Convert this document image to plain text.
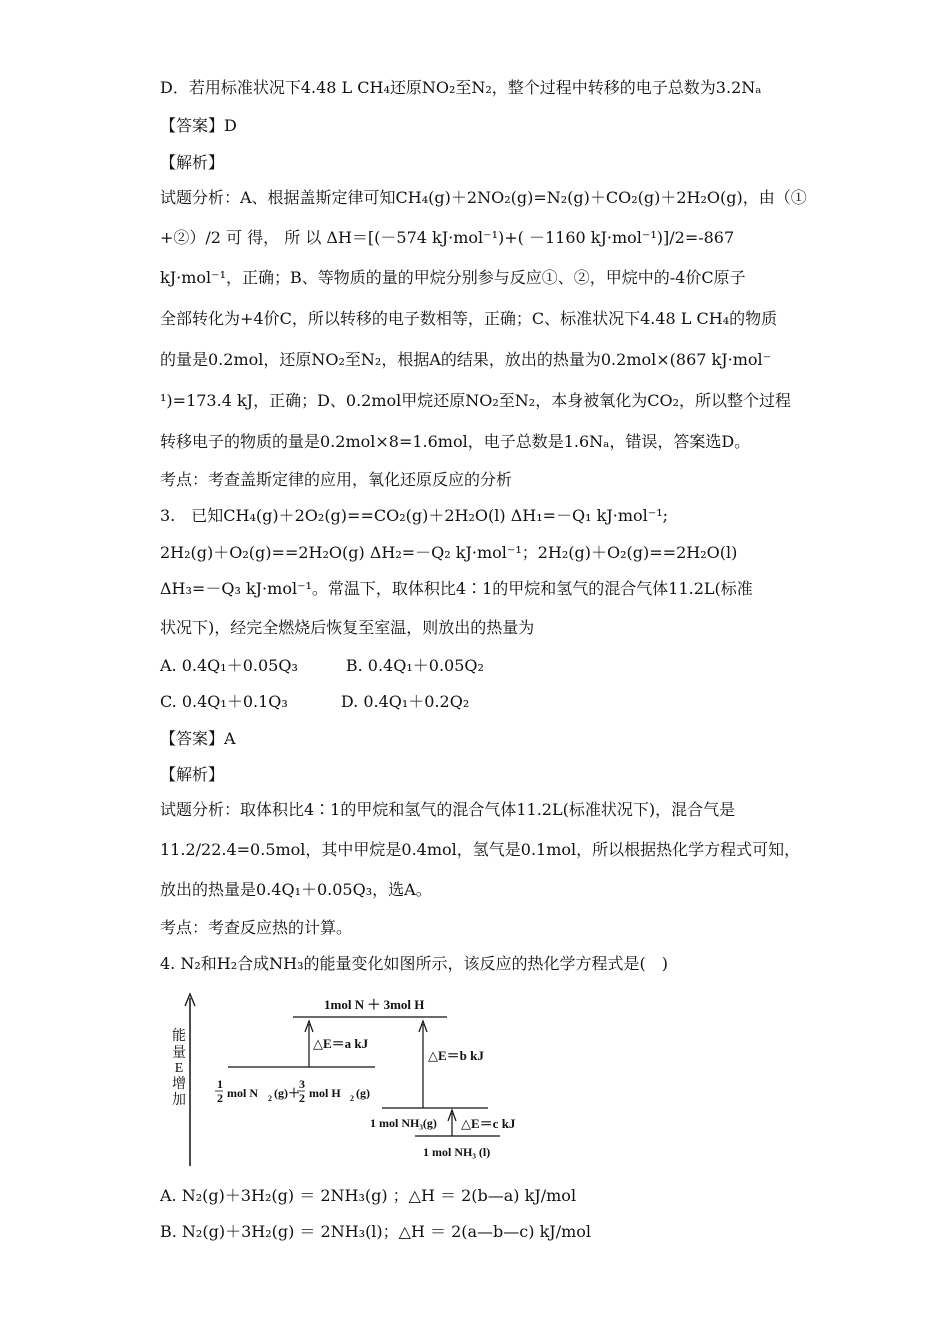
D．若用标准状况下4.48 L CH₄还原NO₂至N₂，整个过程中转移的电子总数为3.2Nₐ
【答案】D
【解析】
试题分析：A、根据盖斯定律可知CH₄(g)＋2NO₂(g)=N₂(g)＋CO₂(g)＋2H₂O(g)，由（①
+②）/2 可 得， 所 以 ΔH＝[(－574 kJ·mol⁻¹)+( －1160 kJ·mol⁻¹)]/2=-867
kJ·mol⁻¹，正确；B、等物质的量的甲烷分别参与反应①、②，甲烷中的-4价C原子
全部转化为+4价C，所以转移的电子数相等，正确；C、标准状况下4.48 L CH₄的物质
的量是0.2mol，还原NO₂至N₂，根据A的结果，放出的热量为0.2mol×(867 kJ·mol⁻
¹)=173.4 kJ，正确；D、0.2mol甲烷还原NO₂至N₂，本身被氧化为CO₂，所以整个过程
转移电子的物质的量是0.2mol×8=1.6mol，电子总数是1.6Nₐ，错误，答案选D。
考点：考查盖斯定律的应用，氧化还原反应的分析
3.　已知CH₄(g)＋2O₂(g)==CO₂(g)＋2H₂O(l) ΔH₁=－Q₁ kJ·mol⁻¹;
2H₂(g)＋O₂(g)==2H₂O(g) ΔH₂=－Q₂ kJ·mol⁻¹；2H₂(g)＋O₂(g)==2H₂O(l)
ΔH₃=－Q₃ kJ·mol⁻¹。常温下，取体积比4∶1的甲烷和氢气的混合气体11.2L(标准
状况下)，经完全燃烧后恢复至室温，则放出的热量为
A. 0.4Q₁＋0.05Q₃　　　B. 0.4Q₁＋0.05Q₂
C. 0.4Q₁＋0.1Q₃　　　 D. 0.4Q₁＋0.2Q₂
【答案】A
【解析】
试题分析：取体积比4∶1的甲烷和氢气的混合气体11.2L(标准状况下)，混合气是
11.2/22.4=0.5mol，其中甲烷是0.4mol，氢气是0.1mol，所以根据热化学方程式可知，
放出的热量是0.4Q₁＋0.05Q₃，选A。
考点：考查反应热的计算。
4. N₂和H₂合成NH₃的能量变化如图所示，该反应的热化学方程式是(　)
能
量
E
增
加
1mol N ＋ 3mol H
1
2 mol N 2 (g)＋
3
2 mol H 2 (g)
△E＝a kJ
△E＝b kJ
1 mol NH₃(g) △E＝c kJ
1 mol NH₃ (l)
A. N₂(g)＋3H₂(g) ＝ 2NH₃(g) ；△H ＝ 2(b—a) kJ/mol
B. N₂(g)＋3H₂(g) ＝ 2NH₃(l)；△H ＝ 2(a—b—c) kJ/mol
